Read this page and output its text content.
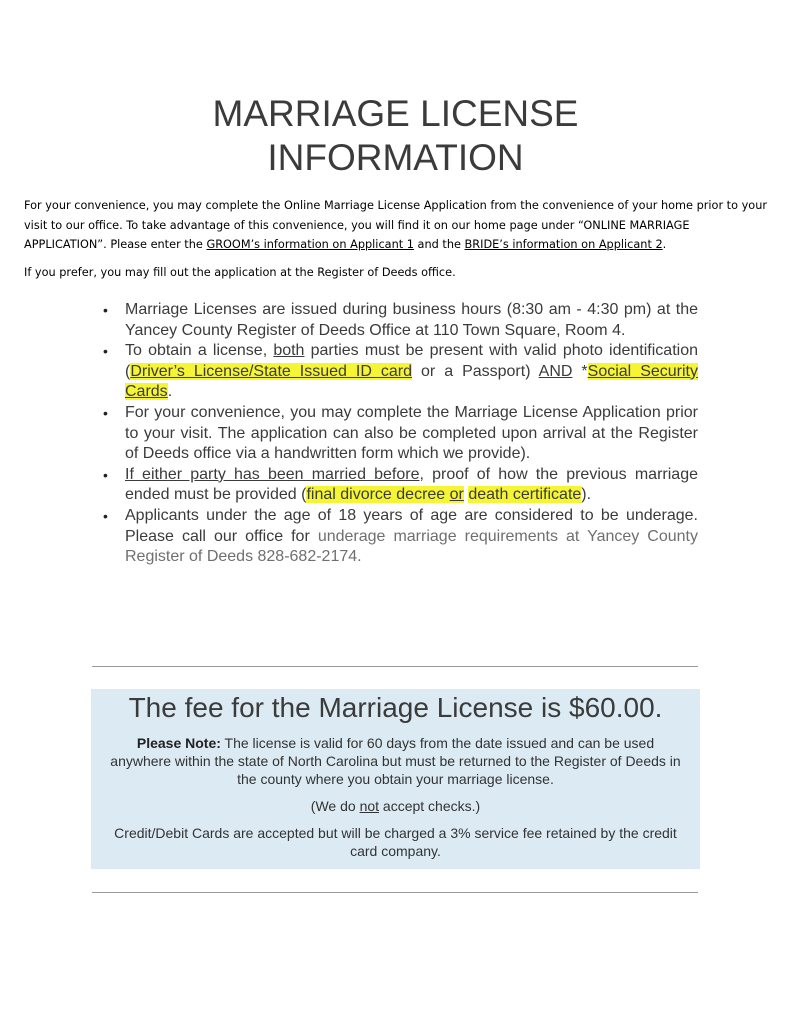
MARRIAGE LICENSE
INFORMATION

For your convenience, you may complete the Online Marriage License Application from the convenience of your home prior to your visit to our office. To take advantage of this convenience, you will find it on our home page under “ONLINE MARRIAGE APPLICATION”. Please enter the GROOM’s information on Applicant 1 and the BRIDE’s information on Applicant 2.

If you prefer, you may fill out the application at the Register of Deeds office.

• Marriage Licenses are issued during business hours (8:30 am - 4:30 pm) at the Yancey County Register of Deeds Office at 110 Town Square, Room 4.
• To obtain a license, both parties must be present with valid photo identification (Driver’s License/State Issued ID card or a Passport) AND *Social Security Cards.
• For your convenience, you may complete the Marriage License Application prior to your visit. The application can also be completed upon arrival at the Register of Deeds office via a handwritten form which we provide).
• If either party has been married before, proof of how the previous marriage ended must be provided (final divorce decree or death certificate).
• Applicants under the age of 18 years of age are considered to be underage. Please call our office for underage marriage requirements at Yancey County Register of Deeds 828-682-2174.

The fee for the Marriage License is $60.00.

Please Note: The license is valid for 60 days from the date issued and can be used anywhere within the state of North Carolina but must be returned to the Register of Deeds in the county where you obtain your marriage license.

(We do not accept checks.)

Credit/Debit Cards are accepted but will be charged a 3% service fee retained by the credit card company.
